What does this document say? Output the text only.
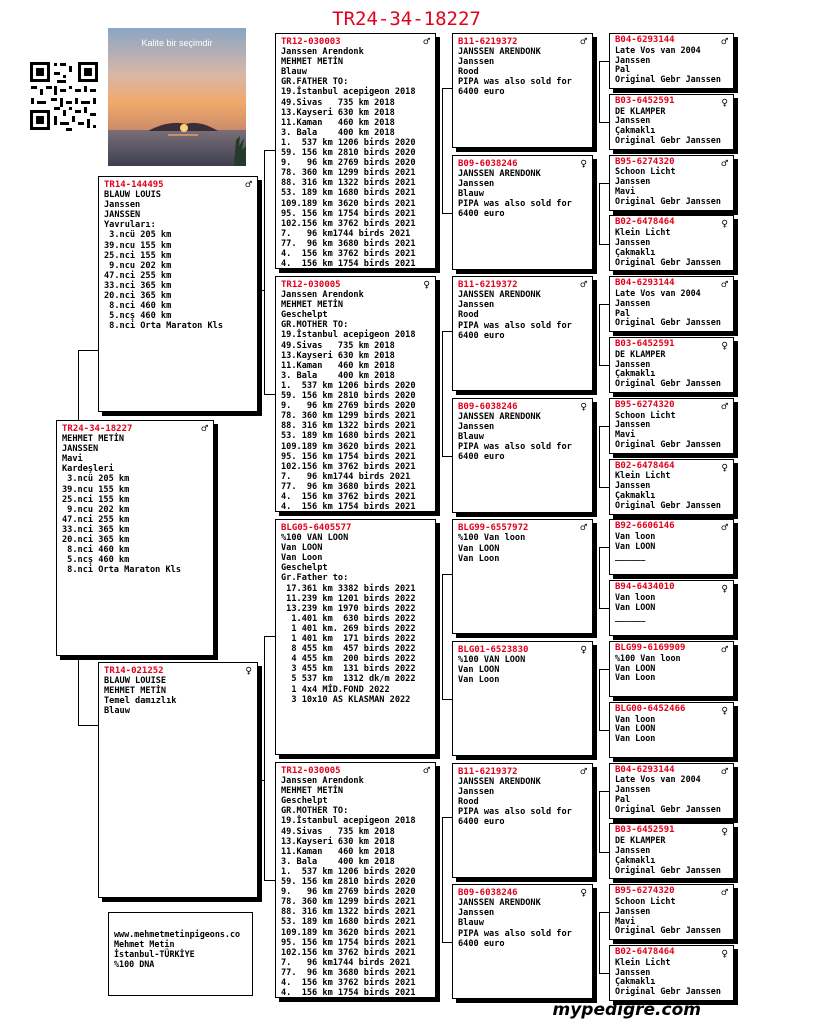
TR24-34-18227
Kalite bir seçimdir
♂
TR24-34-18227
MEHMET METİN
JANSSEN
Mavi
Kardeşleri
3.ncü 205 km
39.ncu 155 km
25.nci 155 km
9.ncu 202 km
47.nci 255 km
33.nci 365 km
20.nci 365 km
8.nci 460 km
5.ncş 460 km
8.nci Orta Maraton Kls
♂
TR14-144495
BLAUW LOUIS
Janssen
JANSSEN
Yavruları:
3.ncü 205 km
39.ncu 155 km
25.nci 155 km
9.ncu 202 km
47.nci 255 km
33.nci 365 km
20.nci 365 km
8.nci 460 km
5.ncş 460 km
8.nci Orta Maraton Kls
♀
TR14-021252
BLAUW LOUISE
MEHMET METİN
Temel damızlık
Blauw
♂
TR12-030003
Janssen Arendonk
MEHMET METİN
Blauw
GR.FATHER TO:
19.İstanbul acepigeon 2018
49.Sivas   735 km 2018
13.Kayseri 630 km 2018
11.Kaman   460 km 2018
3. Bala    400 km 2018
1.  537 km 1206 birds 2020
59. 156 km 2810 birds 2020
9.   96 km 2769 birds 2020
78. 360 km 1299 birds 2021
88. 316 km 1322 birds 2021
53. 189 km 1680 birds 2021
109.189 km 3620 birds 2021
95. 156 km 1754 birds 2021
102.156 km 3762 birds 2021
7.   96 km1744 birds 2021
77.  96 km 3680 birds 2021
4.  156 km 3762 birds 2021
4.  156 km 1754 birds 2021
♀
TR12-030005
Janssen Arendonk
MEHMET METİN
Geschelpt
GR.MOTHER TO:
19.İstanbul acepigeon 2018
49.Sivas   735 km 2018
13.Kayseri 630 km 2018
11.Kaman   460 km 2018
3. Bala    400 km 2018
1.  537 km 1206 birds 2020
59. 156 km 2810 birds 2020
9.   96 km 2769 birds 2020
78. 360 km 1299 birds 2021
88. 316 km 1322 birds 2021
53. 189 km 1680 birds 2021
109.189 km 3620 birds 2021
95. 156 km 1754 birds 2021
102.156 km 3762 birds 2021
7.   96 km1744 birds 2021
77.  96 km 3680 birds 2021
4.  156 km 3762 birds 2021
4.  156 km 1754 birds 2021
BLG05-6405577
%100 VAN LOON
Van LOON
Van Loon
Geschelpt
Gr.Father to:
17.361 km 3382 birds 2021
11.239 km 1201 birds 2022
13.239 km 1970 birds 2022
1.401 km  630 birds 2022
1 401 km. 269 birds 2022
1 401 km  171 birds 2022
8 455 km  457 birds 2022
4 455 km  200 birds 2022
3 455 km  131 birds 2022
5 537 km  1312 dk/m 2022
1 4x4 MİD.FOND 2022
3 10x10 AS KLASMAN 2022
♂
TR12-030005
Janssen Arendonk
MEHMET METİN
Geschelpt
GR.MOTHER TO:
19.İstanbul acepigeon 2018
49.Sivas   735 km 2018
13.Kayseri 630 km 2018
11.Kaman   460 km 2018
3. Bala    400 km 2018
1.  537 km 1206 birds 2020
59. 156 km 2810 birds 2020
9.   96 km 2769 birds 2020
78. 360 km 1299 birds 2021
88. 316 km 1322 birds 2021
53. 189 km 1680 birds 2021
109.189 km 3620 birds 2021
95. 156 km 1754 birds 2021
102.156 km 3762 birds 2021
7.   96 km1744 birds 2021
77.  96 km 3680 birds 2021
4.  156 km 3762 birds 2021
4.  156 km 1754 birds 2021
♂
B11-6219372
JANSSEN ARENDONK
Janssen
Rood
PIPA was also sold for
6400 euro
♀
B09-6038246
JANSSEN ARENDONK
Janssen
Blauw
PIPA was also sold for
6400 euro
♂
B11-6219372
JANSSEN ARENDONK
Janssen
Rood
PIPA was also sold for
6400 euro
♀
B09-6038246
JANSSEN ARENDONK
Janssen
Blauw
PIPA was also sold for
6400 euro
♂
BLG99-6557972
%100 Van loon
Van LOON
Van Loon
♀
BLG01-6523830
%100 VAN LOON
Van LOON
Van Loon
♂
B11-6219372
JANSSEN ARENDONK
Janssen
Rood
PIPA was also sold for
6400 euro
♀
B09-6038246
JANSSEN ARENDONK
Janssen
Blauw
PIPA was also sold for
6400 euro
♂
B04-6293144
Late Vos van 2004
Janssen
Pal
Original Gebr Janssen
♀
B03-6452591
DE KLAMPER
Janssen
Çakmaklı
Original Gebr Janssen
♂
B95-6274320
Schoon Licht
Janssen
Mavi
Original Gebr Janssen
♀
B02-6478464
Klein Licht
Janssen
Çakmaklı
Original Gebr Janssen
♂
B04-6293144
Late Vos van 2004
Janssen
Pal
Original Gebr Janssen
♀
B03-6452591
DE KLAMPER
Janssen
Çakmaklı
Original Gebr Janssen
♂
B95-6274320
Schoon Licht
Janssen
Mavi
Original Gebr Janssen
♀
B02-6478464
Klein Licht
Janssen
Çakmaklı
Original Gebr Janssen
♂
B92-6606146
Van loon
Van LOON
______
♀
B94-6434010
Van loon
Van LOON
______
♂
BLG99-6169909
%100 Van loon
Van LOON
Van Loon
♀
BLG00-6452466
Van loon
Van LOON
Van Loon
♂
B04-6293144
Late Vos van 2004
Janssen
Pal
Original Gebr Janssen
♀
B03-6452591
DE KLAMPER
Janssen
Çakmaklı
Original Gebr Janssen
♂
B95-6274320
Schoon Licht
Janssen
Mavi
Original Gebr Janssen
♀
B02-6478464
Klein Licht
Janssen
Çakmaklı
Original Gebr Janssen
www.mehmetmetinpigeons.co
Mehmet Metin
İstanbul-TÜRKİYE
%100 DNA
mypedigre.com
